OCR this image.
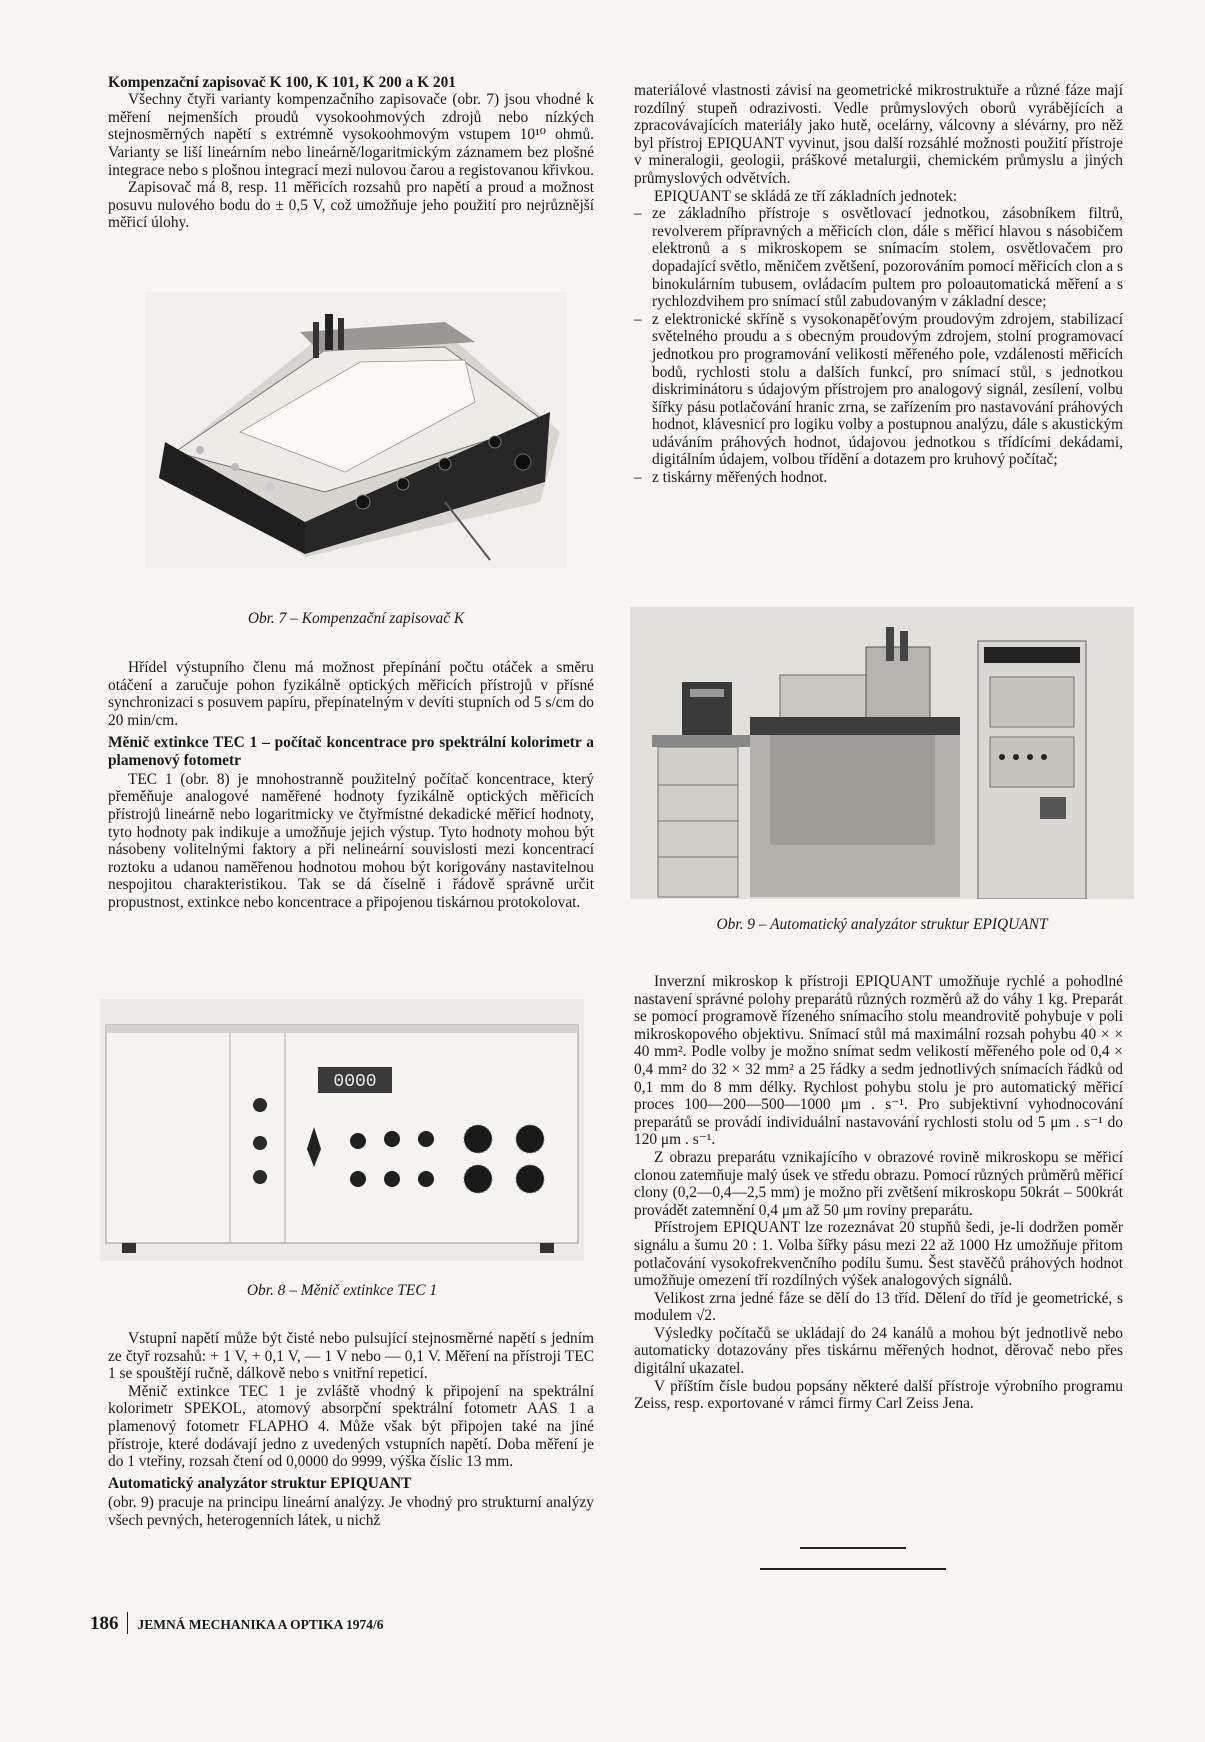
Kompenzační zapisovač K 100, K 101, K 200 a K 201

Všechny čtyři varianty kompenzačního zapisovače (obr. 7) jsou vhodné k měření nejmenších proudů vysokoohmových zdrojů nebo nízkých stejnosměrných napětí s extrémně vysokoohmovým vstupem 10¹⁰ ohmů. Varianty se liší lineárním nebo lineárně/logaritmickým záznamem bez plošné integrace nebo s plošnou integrací mezi nulovou čarou a registovanou křivkou.

Zapisovač má 8, resp. 11 měřicích rozsahů pro napětí a proud a možnost posuvu nulového bodu do ± 0,5 V, což umožňuje jeho použití pro nejrůznější měřicí úlohy.

Obr. 7 – Kompenzační zapisovač K

Hřídel výstupního členu má možnost přepínání počtu otáček a směru otáčení a zaručuje pohon fyzikálně optických měřicích přístrojů v přísné synchronizaci s posuvem papíru, přepínatelným v devíti stupních od 5 s/cm do 20 min/cm.

Měnič extinkce TEC 1 – počítač koncentrace pro spektrální kolorimetr a plamenový fotometr

TEC 1 (obr. 8) je mnohostranně použitelný počítač koncentrace, který přeměňuje analogové naměřené hodnoty fyzikálně optických měřicích přístrojů lineárně nebo logaritmicky ve čtyřmístné dekadické měřicí hodnoty, tyto hodnoty pak indikuje a umožňuje jejich výstup. Tyto hodnoty mohou být násobeny volitelnými faktory a při nelineární souvislosti mezi koncentrací roztoku a udanou naměřenou hodnotou mohou být korigovány nastavitelnou nespojitou charakteristikou. Tak se dá číselně i řádově správně určit propustnost, extinkce nebo koncentrace a připojenou tiskárnou protokolovat.

0000
Obr. 8 – Měnič extinkce TEC 1

Vstupní napětí může být čisté nebo pulsující stejnosměrné napětí s jedním ze čtyř rozsahů: + 1 V, + 0,1 V, — 1 V nebo — 0,1 V. Měření na přístroji TEC 1 se spouštějí ručně, dálkově nebo s vnitřní repeticí.

Měnič extinkce TEC 1 je zvláště vhodný k připojení na spektrální kolorimetr SPEKOL, atomový absorpční spektrální fotometr AAS 1 a plamenový fotometr FLAPHO 4. Může však být připojen také na jiné přístroje, které dodávají jedno z uvedených vstupních napětí. Doba měření je do 1 vteřiny, rozsah čtení od 0,0000 do 9999, výška číslic 13 mm.

Automatický analyzátor struktur EPIQUANT

(obr. 9) pracuje na principu lineární analýzy. Je vhodný pro strukturní analýzy všech pevných, heterogenních látek, u nichž

materiálové vlastnosti závisí na geometrické mikrostruktuře a různé fáze mají rozdílný stupeň odrazivosti. Vedle průmyslových oborů vyrábějících a zpracovávajících materiály jako hutě, ocelárny, válcovny a slévárny, pro něž byl přístroj EPIQUANT vyvinut, jsou další rozsáhlé možnosti použití přístroje v mineralogii, geologii, práškové metalurgii, chemickém průmyslu a jiných průmyslových odvětvích.

EPIQUANT se skládá ze tří základních jednotek:

– ze základního přístroje s osvětlovací jednotkou, zásobníkem filtrů, revolverem přípravných a měřicích clon, dále s měřicí hlavou s násobičem elektronů a s mikroskopem se snímacím stolem, osvětlovačem pro dopadající světlo, měničem zvětšení, pozorováním pomocí měřicích clon a s binokulárním tubusem, ovládacím pultem pro poloautomatická měření a s rychlozdvihem pro snímací stůl zabudovaným v základní desce;
– z elektronické skříně s vysokonapěťovým proudovým zdrojem, stabilizací světelného proudu a s obecným proudovým zdrojem, stolní programovací jednotkou pro programování velikosti měřeného pole, vzdálenosti měřicích bodů, rychlosti stolu a dalších funkcí, pro snímací stůl, s jednotkou diskriminátoru s údajovým přístrojem pro analogový signál, zesílení, volbu šířky pásu potlačování hranic zrna, se zařízením pro nastavování práhových hodnot, klávesnicí pro logiku volby a postupnou analýzu, dále s akustickým udáváním práhových hodnot, údajovou jednotkou s třídícími dekádami, digitálním údajem, volbou třídění a dotazem pro kruhový počítač;
– z tiskárny měřených hodnot.
Obr. 9 – Automatický analyzátor struktur EPIQUANT

Inverzní mikroskop k přístroji EPIQUANT umožňuje rychlé a pohodlné nastavení správné polohy preparátů různých rozměrů až do váhy 1 kg. Preparát se pomocí programově řízeného snímacího stolu meandrovitě pohybuje v poli mikroskopového objektivu. Snímací stůl má maximální rozsah pohybu 40 × × 40 mm². Podle volby je možno snímat sedm velikostí měřeného pole od 0,4 × 0,4 mm² do 32 × 32 mm² a 25 řádky a sedm jednotlivých snímacích řádků od 0,1 mm do 8 mm délky. Rychlost pohybu stolu je pro automatický měřicí proces 100—200—500—1000 μm . s⁻¹. Pro subjektivní vyhodnocování preparátů se provádí individuální nastavování rychlosti stolu od 5 μm . s⁻¹ do 120 μm . s⁻¹.

Z obrazu preparátu vznikajícího v obrazové rovině mikroskopu se měřicí clonou zatemňuje malý úsek ve středu obrazu. Pomocí různých průměrů měřicí clony (0,2—0,4—2,5 mm) je možno při zvětšení mikroskopu 50krát – 500krát provádět zatemnění 0,4 μm až 50 μm roviny preparátu.

Přístrojem EPIQUANT lze rozeznávat 20 stupňů šedi, je-li dodržen poměr signálu a šumu 20 : 1. Volba šířky pásu mezi 22 až 1000 Hz umožňuje přitom potlačování vysokofrekvenčního podílu šumu. Šest stavěčů práhových hodnot umožňuje omezení tří rozdílných výšek analogových signálů.

Velikost zrna jedné fáze se dělí do 13 tříd. Dělení do tříd je geometrické, s modulem √2.

Výsledky počítačů se ukládají do 24 kanálů a mohou být jednotlivě nebo automaticky dotazovány přes tiskárnu měřených hodnot, děrovač nebo přes digitální ukazatel.

V příštím čísle budou popsány některé další přístroje výrobního programu Zeiss, resp. exportované v rámci firmy Carl Zeiss Jena.

186 JEMNÁ MECHANIKA A OPTIKA 1974/6
